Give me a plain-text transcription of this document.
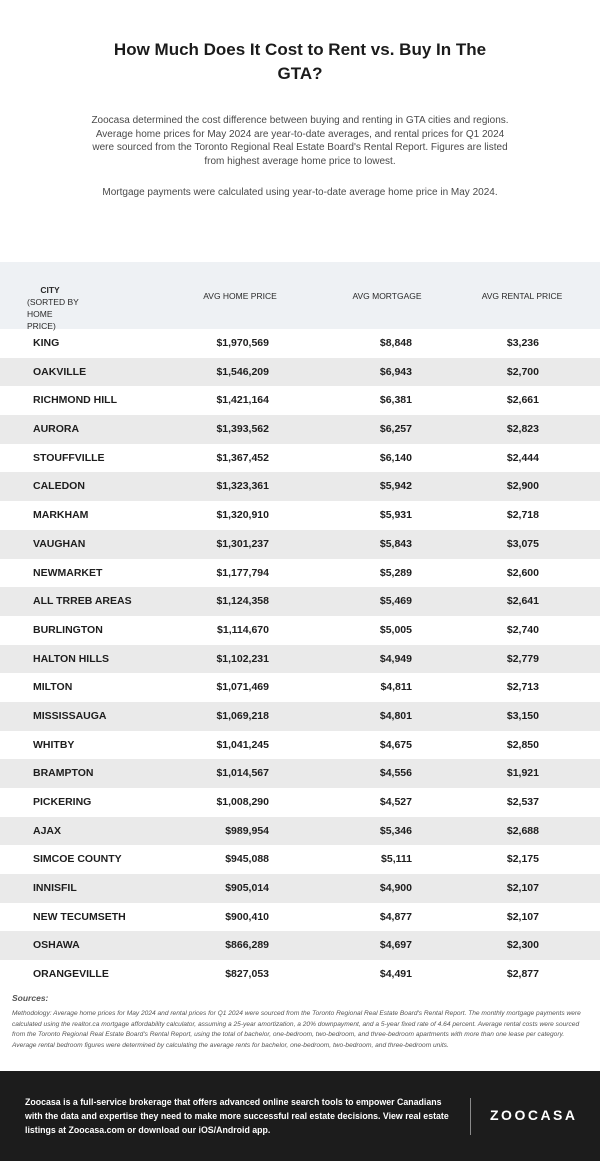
How Much Does It Cost to Rent vs. Buy In The GTA?
Zoocasa determined the cost difference between buying and renting in GTA cities and regions. Average home prices for May 2024 are year-to-date averages, and rental prices for Q1 2024 were sourced from the Toronto Regional Real Estate Board's Rental Report. Figures are listed from highest average home price to lowest.
Mortgage payments were calculated using year-to-date average home price in May 2024.
CITY
(SORTED BY HOME PRICE)
AVG HOME PRICE	AVG MORTGAGE	AVG RENTAL PRICE
KING	$1,970,569	$8,848	$3,236
OAKVILLE	$1,546,209	$6,943	$2,700
RICHMOND HILL	$1,421,164	$6,381	$2,661
AURORA	$1,393,562	$6,257	$2,823
STOUFFVILLE	$1,367,452	$6,140	$2,444
CALEDON	$1,323,361	$5,942	$2,900
MARKHAM	$1,320,910	$5,931	$2,718
VAUGHAN	$1,301,237	$5,843	$3,075
NEWMARKET	$1,177,794	$5,289	$2,600
ALL TRREB AREAS	$1,124,358	$5,469	$2,641
BURLINGTON	$1,114,670	$5,005	$2,740
HALTON HILLS	$1,102,231	$4,949	$2,779
MILTON	$1,071,469	$4,811	$2,713
MISSISSAUGA	$1,069,218	$4,801	$3,150
WHITBY	$1,041,245	$4,675	$2,850
BRAMPTON	$1,014,567	$4,556	$1,921
PICKERING	$1,008,290	$4,527	$2,537
AJAX	$989,954	$5,346	$2,688
SIMCOE COUNTY	$945,088	$5,111	$2,175
INNISFIL	$905,014	$4,900	$2,107
NEW TECUMSETH	$900,410	$4,877	$2,107
OSHAWA	$866,289	$4,697	$2,300
ORANGEVILLE	$827,053	$4,491	$2,877
Sources:
Methodology: Average home prices for May 2024 and rental prices for Q1 2024 were sourced from the Toronto Regional Real Estate Board's Rental Report. The monthly mortgage payments were calculated using the realtor.ca mortgage affordability calculator, assuming a 25-year amortization, a 20% downpayment, and a 5-year fixed rate of 4.64 percent. Average rental costs were sourced from the Toronto Regional Real Estate Board's Rental Report, using the total of bachelor, one-bedroom, two-bedroom, and three-bedroom apartments with more than one lease per category. Average rental bedroom figures were determined by calculating the average rents for bachelor, one-bedroom, two-bedroom, and three-bedroom units.
Zoocasa is a full-service brokerage that offers advanced online search tools to empower Canadians with the data and expertise they need to make more successful real estate decisions. View real estate listings at Zoocasa.com or download our iOS/Android app.
ZOOCASA
